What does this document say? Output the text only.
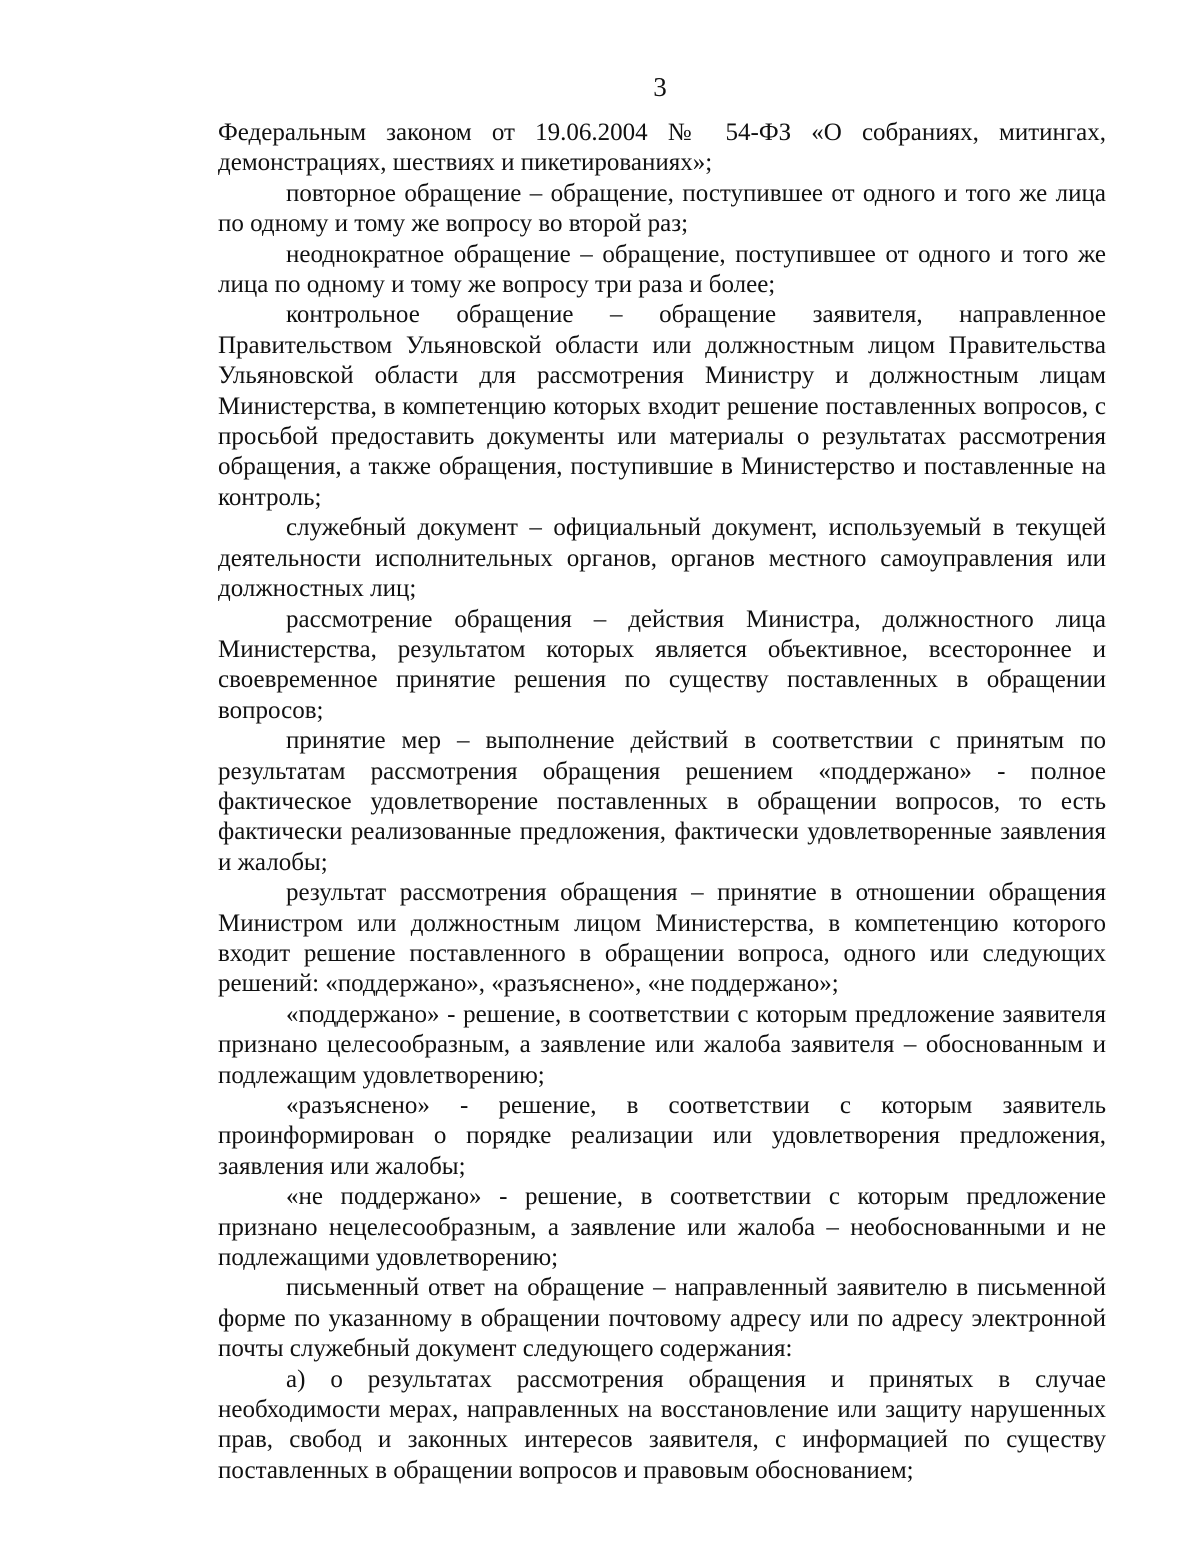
3

Федеральным законом от 19.06.2004 № 54-ФЗ «О собраниях, митингах, демонстрациях, шествиях и пикетированиях»;

повторное обращение – обращение, поступившее от одного и того же лица по одному и тому же вопросу во второй раз;

неоднократное обращение – обращение, поступившее от одного и того же лица по одному и тому же вопросу три раза и более;

контрольное обращение – обращение заявителя, направленное Правительством Ульяновской области или должностным лицом Правительства Ульяновской области для рассмотрения Министру и должностным лицам Министерства, в компетенцию которых входит решение поставленных вопросов, с просьбой предоставить документы или материалы о результатах рассмотрения обращения, а также обращения, поступившие в Министерство и поставленные на контроль;

служебный документ – официальный документ, используемый в текущей деятельности исполнительных органов, органов местного самоуправления или должностных лиц;

рассмотрение обращения – действия Министра, должностного лица Министерства, результатом которых является объективное, всестороннее и своевременное принятие решения по существу поставленных в обращении вопросов;

принятие мер – выполнение действий в соответствии с принятым по результатам рассмотрения обращения решением «поддержано» - полное фактическое удовлетворение поставленных в обращении вопросов, то есть фактически реализованные предложения, фактически удовлетворенные заявления и жалобы;

результат рассмотрения обращения – принятие в отношении обращения Министром или должностным лицом Министерства, в компетенцию которого входит решение поставленного в обращении вопроса, одного или следующих решений: «поддержано», «разъяснено», «не поддержано»;

«поддержано» - решение, в соответствии с которым предложение заявителя признано целесообразным, а заявление или жалоба заявителя – обоснованным и подлежащим удовлетворению;

«разъяснено» - решение, в соответствии с которым заявитель проинформирован о порядке реализации или удовлетворения предложения, заявления или жалобы;

«не поддержано» - решение, в соответствии с которым предложение признано нецелесообразным, а заявление или жалоба – необоснованными и не подлежащими удовлетворению;

письменный ответ на обращение – направленный заявителю в письменной форме по указанному в обращении почтовому адресу или по адресу электронной почты служебный документ следующего содержания:

а) о результатах рассмотрения обращения и принятых в случае необходимости мерах, направленных на восстановление или защиту нарушенных прав, свобод и законных интересов заявителя, с информацией по существу поставленных в обращении вопросов и правовым обоснованием;
